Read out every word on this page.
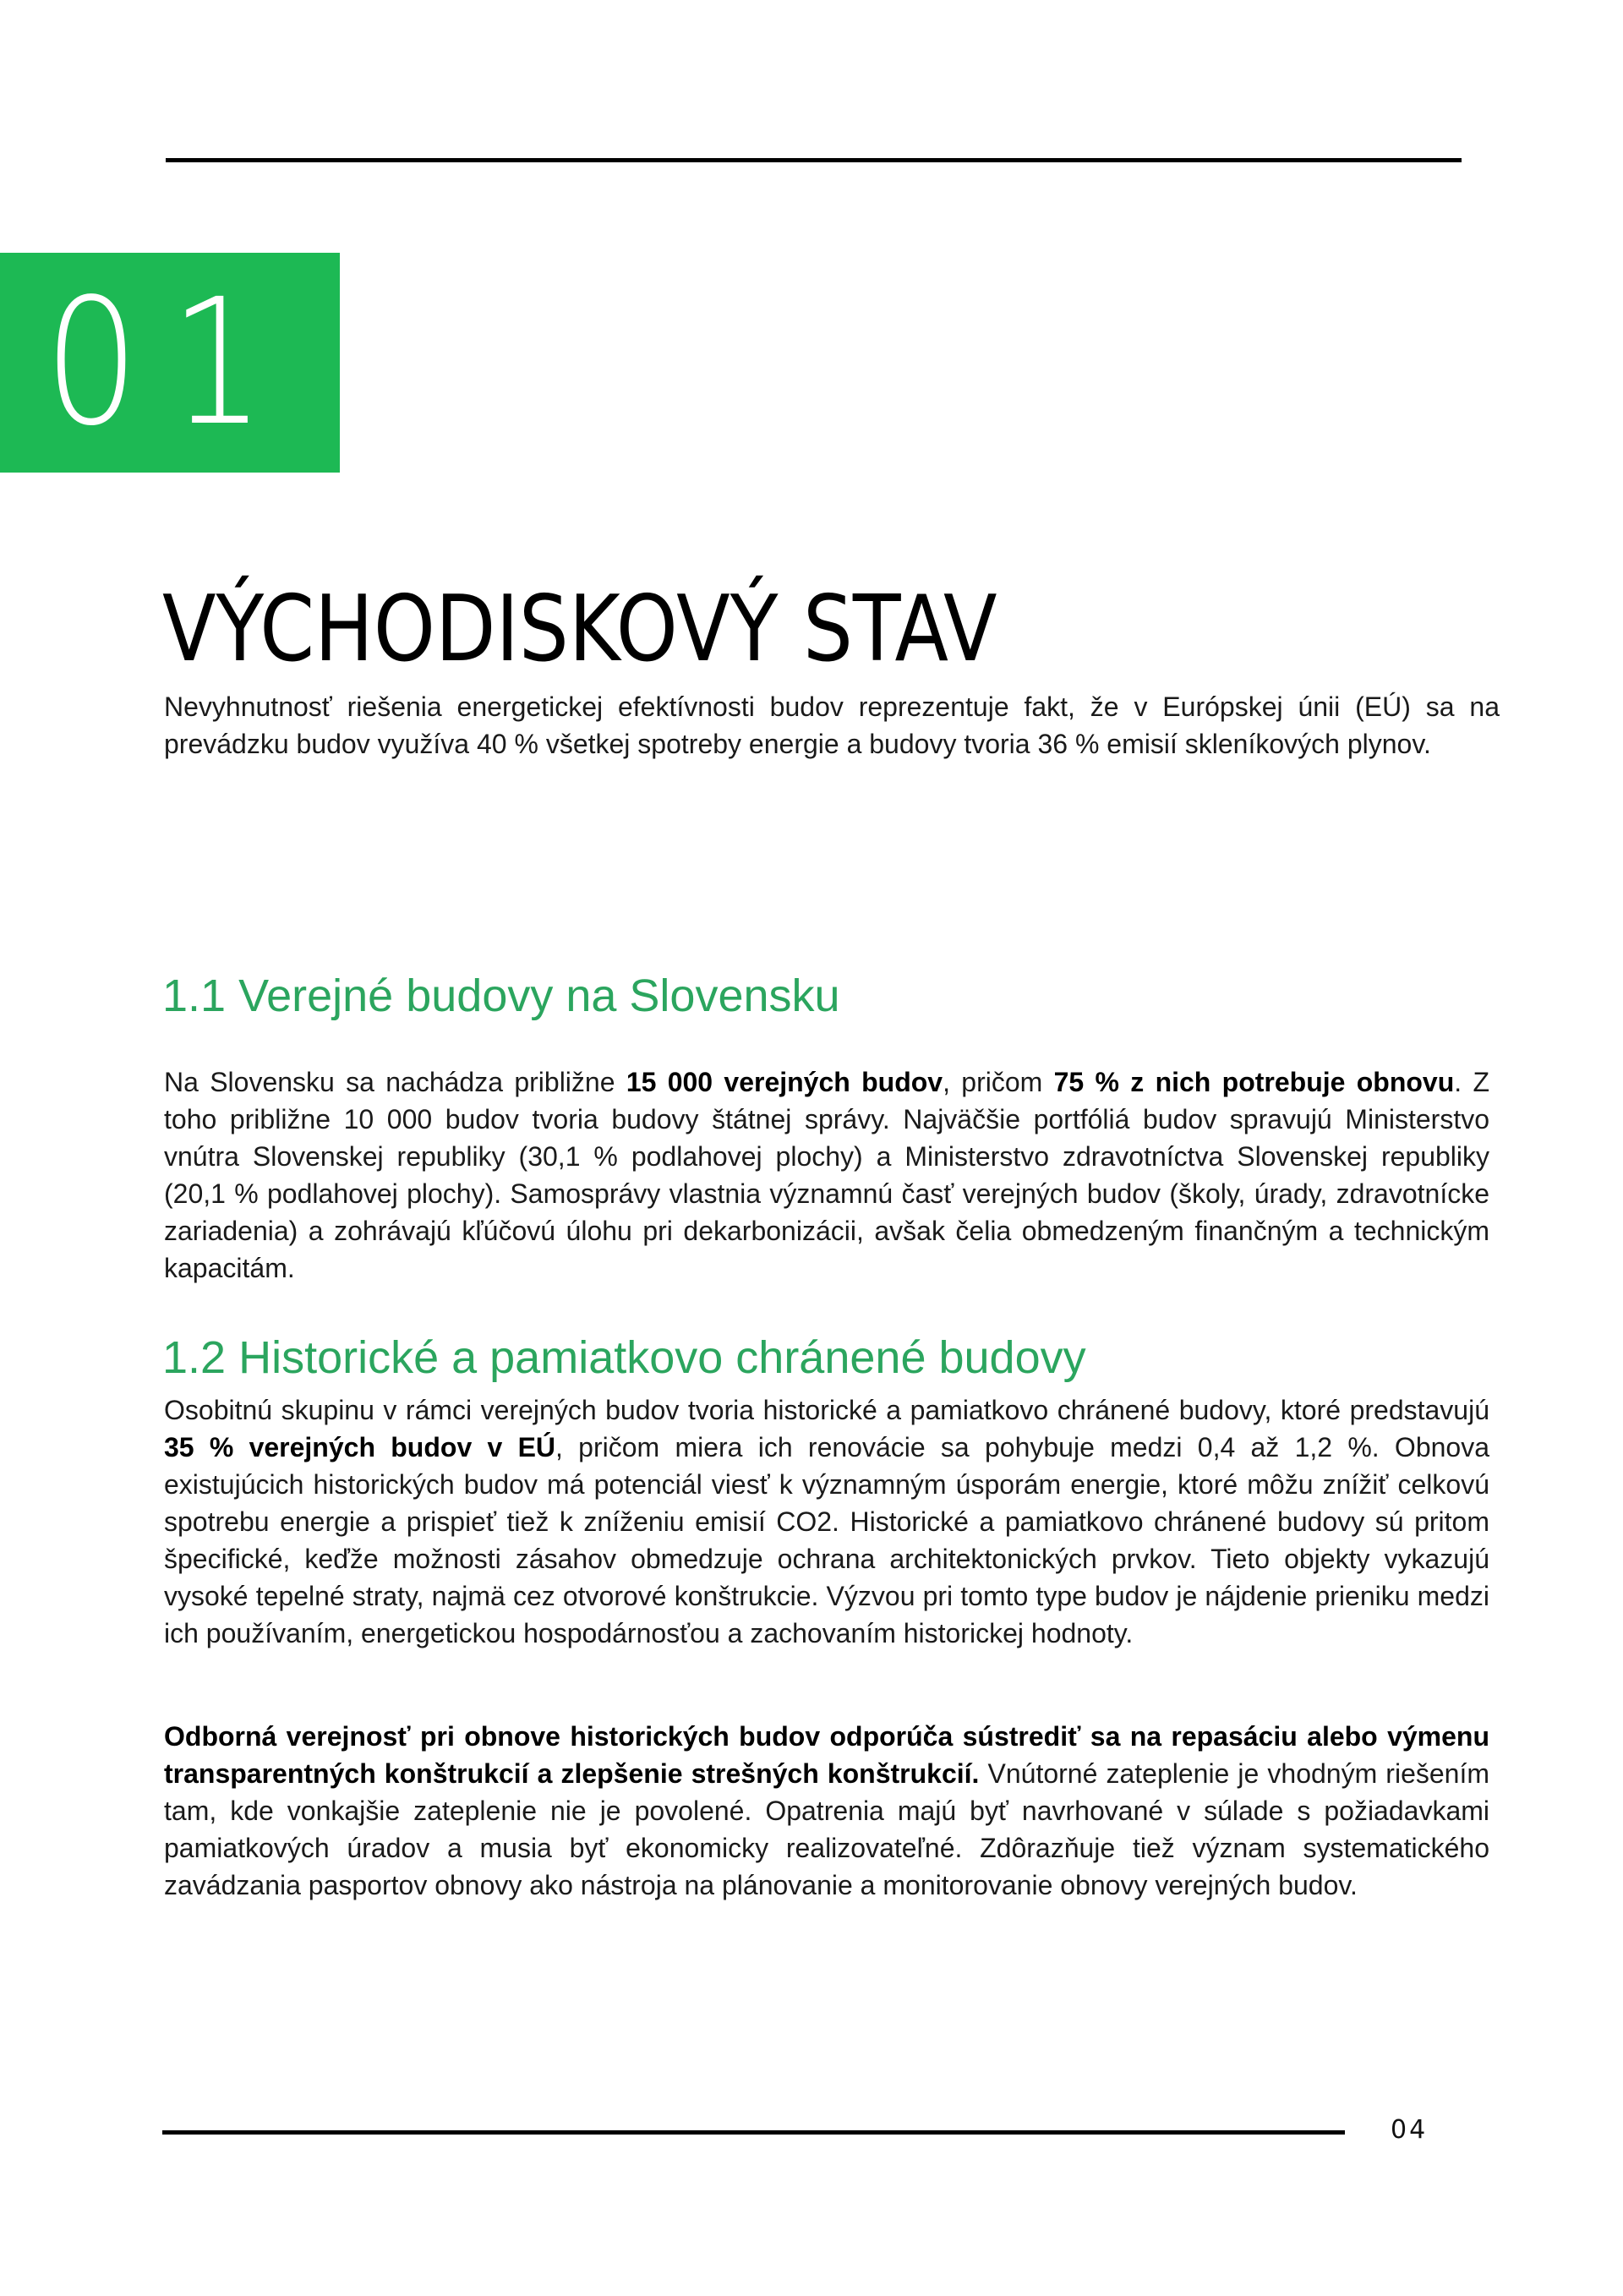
01
VÝCHODISKOVÝ STAV

Nevyhnutnosť riešenia energetickej efektívnosti budov reprezentuje fakt, že v Európskej únii (EÚ) sa na prevádzku budov využíva 40 % všetkej spotreby energie a budovy tvoria 36 % emisií skleníkových plynov.

1.1 Verejné budovy na Slovensku

Na Slovensku sa nachádza približne 15 000 verejných budov, pričom 75 % z nich potrebuje obnovu. Z toho približne 10 000 budov tvoria budovy štátnej správy. Najväčšie portfóliá budov spravujú Ministerstvo vnútra Slovenskej republiky (30,1 % podlahovej plochy) a Ministerstvo zdravotníctva Slovenskej republiky (20,1 % podlahovej plochy). Samosprávy vlastnia významnú časť verejných budov (školy, úrady, zdravotnícke zariadenia) a zohrávajú kľúčovú úlohu pri dekarbonizácii, avšak čelia obmedzeným finančným a technickým kapacitám.

1.2 Historické a pamiatkovo chránené budovy

Osobitnú skupinu v rámci verejných budov tvoria historické a pamiatkovo chránené budovy, ktoré predstavujú 35 % verejných budov v EÚ, pričom miera ich renovácie sa pohybuje medzi 0,4 až 1,2 %. Obnova existujúcich historických budov má potenciál viesť k významným úsporám energie, ktoré môžu znížiť celkovú spotrebu energie a prispieť tiež k zníženiu emisií CO2. Historické a pamiatkovo chránené budovy sú pritom špecifické, keďže možnosti zásahov obmedzuje ochrana architektonických prvkov. Tieto objekty vykazujú vysoké tepelné straty, najmä cez otvorové konštrukcie. Výzvou pri tomto type budov je nájdenie prieniku medzi ich používaním, energetickou hospodárnosťou a zachovaním historickej hodnoty.

Odborná verejnosť pri obnove historických budov odporúča sústrediť sa na repasáciu alebo výmenu transparentných konštrukcií a zlepšenie strešných konštrukcií. Vnútorné zateplenie je vhodným riešením tam, kde vonkajšie zateplenie nie je povolené. Opatrenia majú byť navrhované v súlade s požiadavkami pamiatkových úradov a musia byť ekonomicky realizovateľné. Zdôrazňuje tiež význam systematického zavádzania pasportov obnovy ako nástroja na plánovanie a monitorovanie obnovy verejných budov.

04
